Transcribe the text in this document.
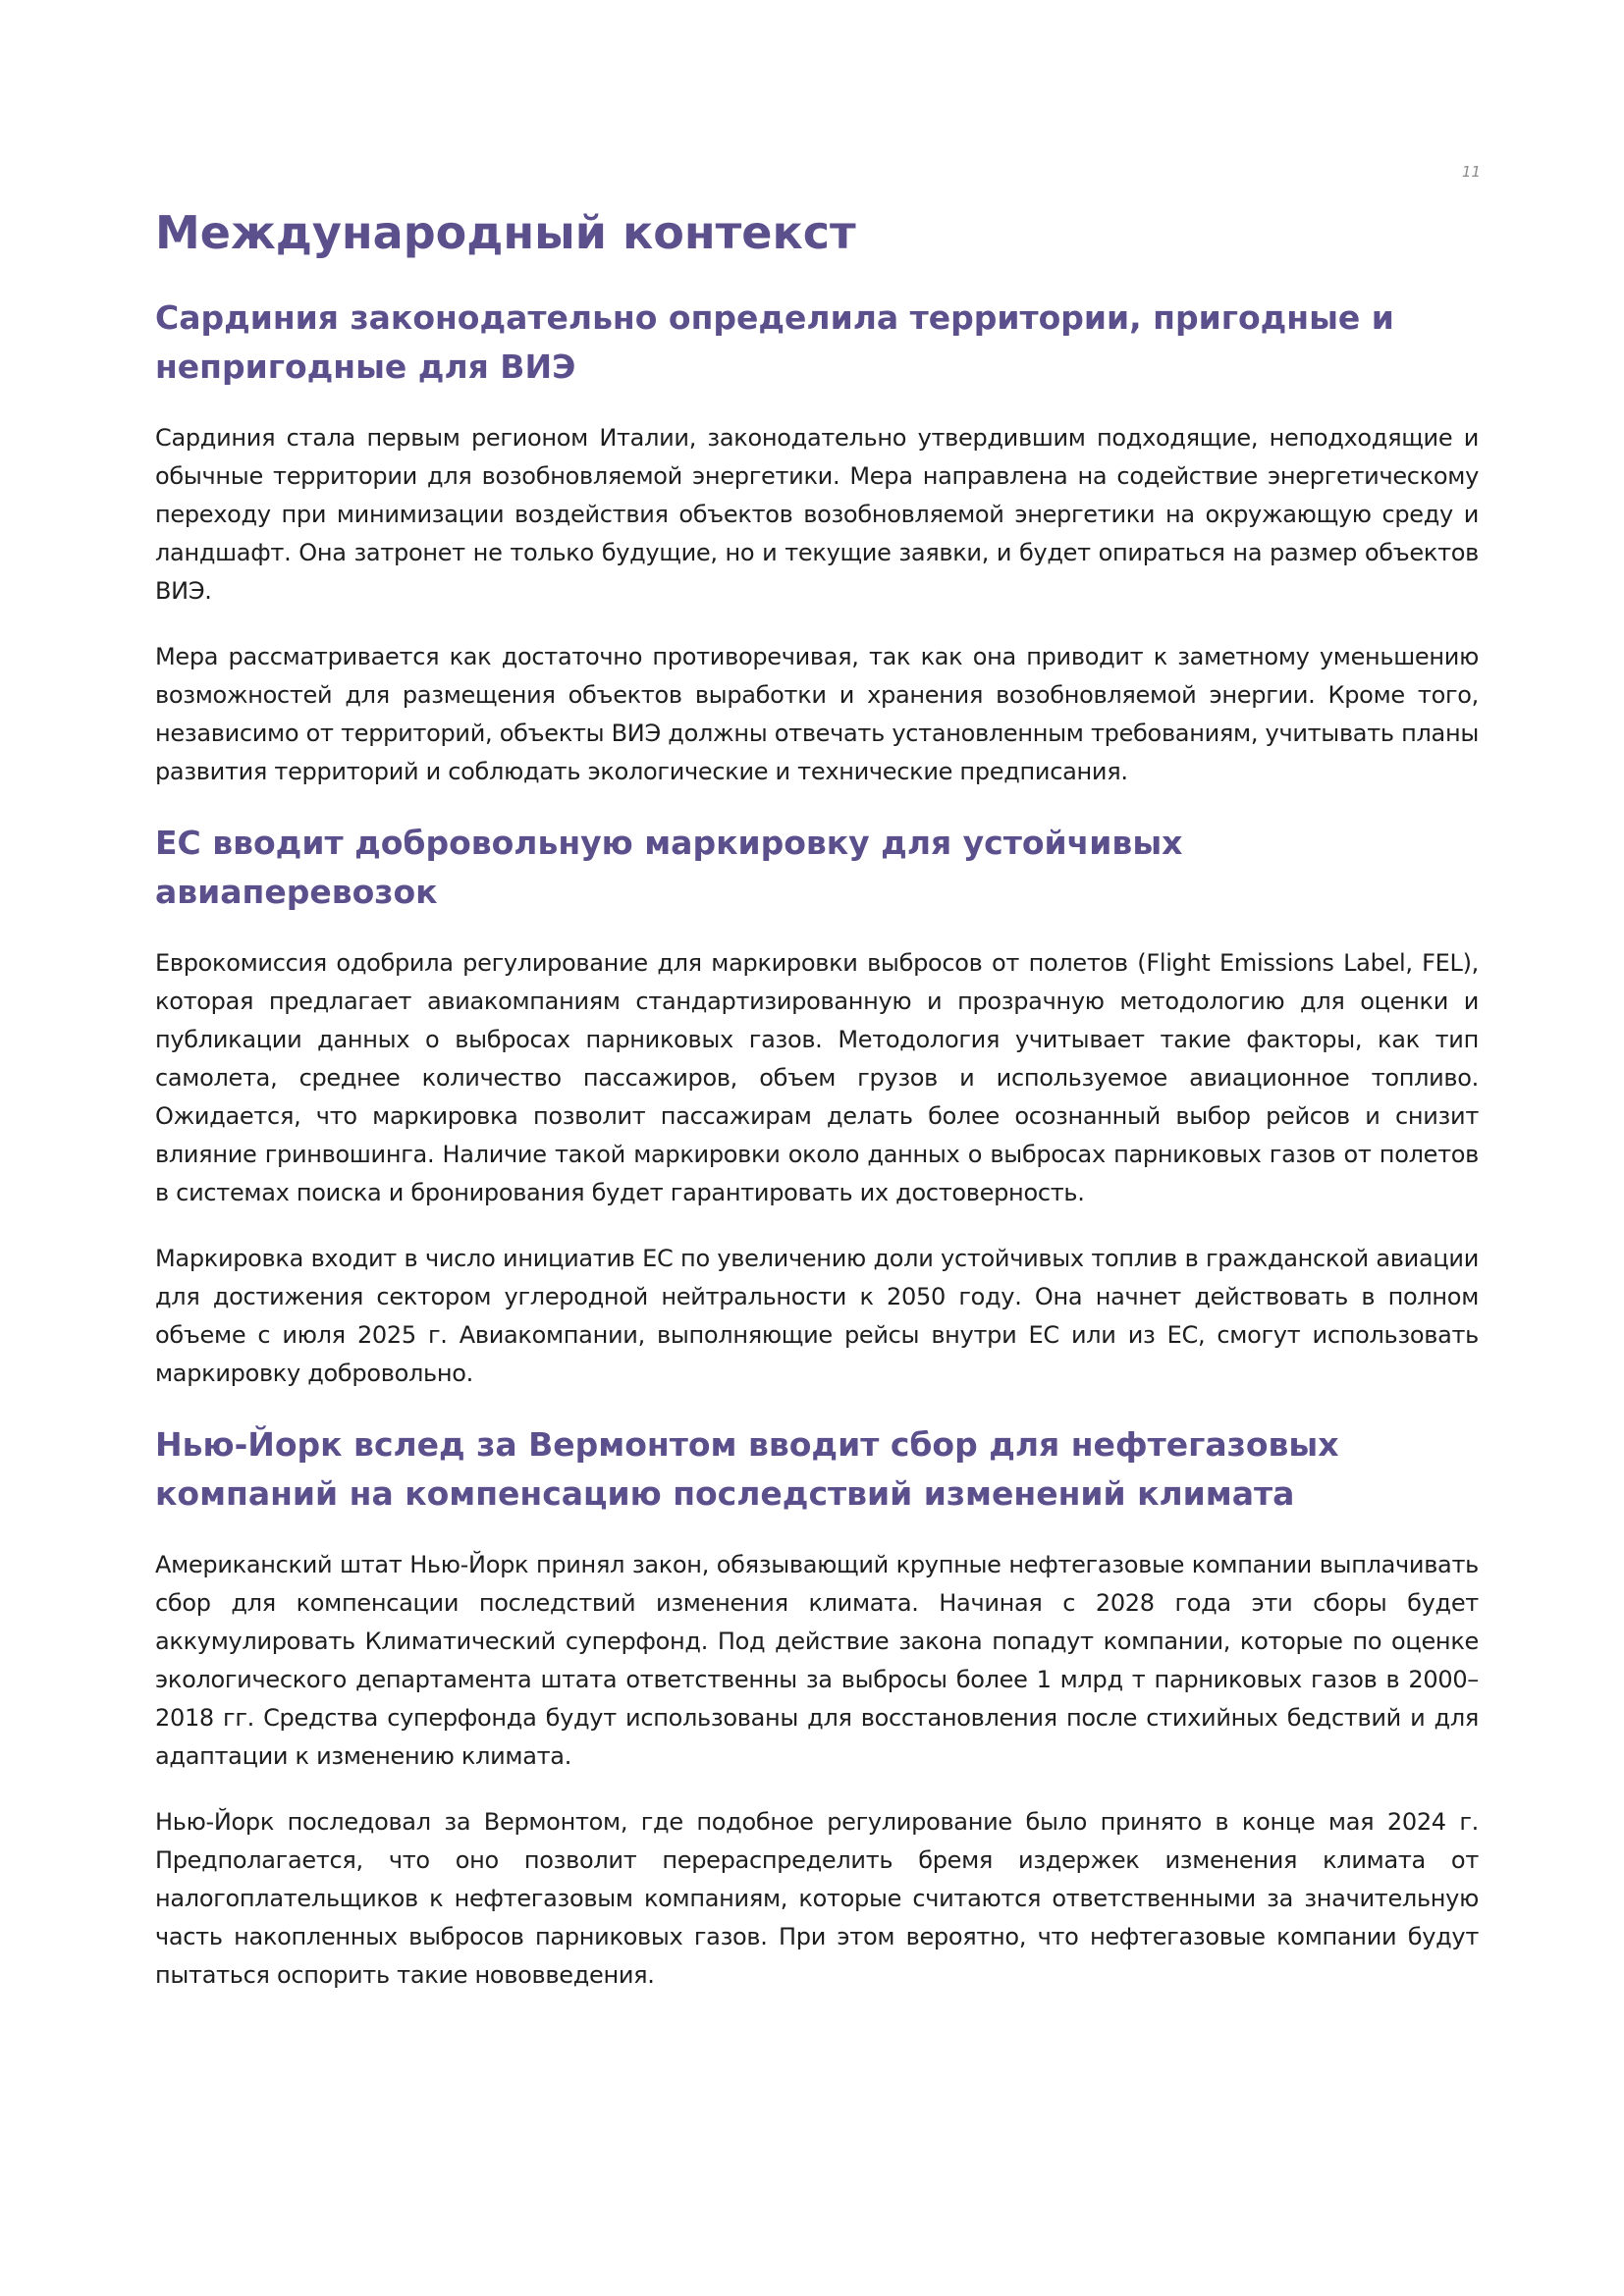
11
Международный контекст
Сардиния законодательно определила территории, пригодные и непригодные для ВИЭ

Сардиния стала первым регионом Италии, законодательно утвердившим подходящие, неподходящие и обычные территории для возобновляемой энергетики. Мера направлена на содействие энергетическому переходу при минимизации воздействия объектов возобновляемой энергетики на окружающую среду и ландшафт. Она затронет не только будущие, но и текущие заявки, и будет опираться на размер объектов ВИЭ.

Мера рассматривается как достаточно противоречивая, так как она приводит к заметному уменьшению возможностей для размещения объектов выработки и хранения возобновляемой энергии. Кроме того, независимо от территорий, объекты ВИЭ должны отвечать установленным требованиям, учитывать планы развития территорий и соблюдать экологические и технические предписания.

ЕС вводит добровольную маркировку для устойчивых авиаперевозок

Еврокомиссия одобрила регулирование для маркировки выбросов от полетов (Flight Emissions Label, FEL), которая предлагает авиакомпаниям стандартизированную и прозрачную методологию для оценки и публикации данных о выбросах парниковых газов. Методология учитывает такие факторы, как тип самолета, среднее количество пассажиров, объем грузов и используемое авиационное топливо. Ожидается, что маркировка позволит пассажирам делать более осознанный выбор рейсов и снизит влияние гринвошинга. Наличие такой маркировки около данных о выбросах парниковых газов от полетов в системах поиска и бронирования будет гарантировать их достоверность.

Маркировка входит в число инициатив ЕС по увеличению доли устойчивых топлив в гражданской авиации для достижения сектором углеродной нейтральности к 2050 году. Она начнет действовать в полном объеме с июля 2025 г. Авиакомпании, выполняющие рейсы внутри ЕС или из ЕС, смогут использовать маркировку добровольно.

Нью-Йорк вслед за Вермонтом вводит сбор для нефтегазовых компаний на компенсацию последствий изменений климата

Американский штат Нью-Йорк принял закон, обязывающий крупные нефтегазовые компании выплачивать сбор для компенсации последствий изменения климата. Начиная с 2028 года эти сборы будет аккумулировать Климатический суперфонд. Под действие закона попадут компании, которые по оценке экологического департамента штата ответственны за выбросы более 1 млрд т парниковых газов в 2000–2018 гг. Средства суперфонда будут использованы для восстановления после стихийных бедствий и для адаптации к изменению климата.

Нью-Йорк последовал за Вермонтом, где подобное регулирование было принято в конце мая 2024 г. Предполагается, что оно позволит перераспределить бремя издержек изменения климата от налогоплательщиков к нефтегазовым компаниям, которые считаются ответственными за значительную часть накопленных выбросов парниковых газов. При этом вероятно, что нефтегазовые компании будут пытаться оспорить такие нововведения.
